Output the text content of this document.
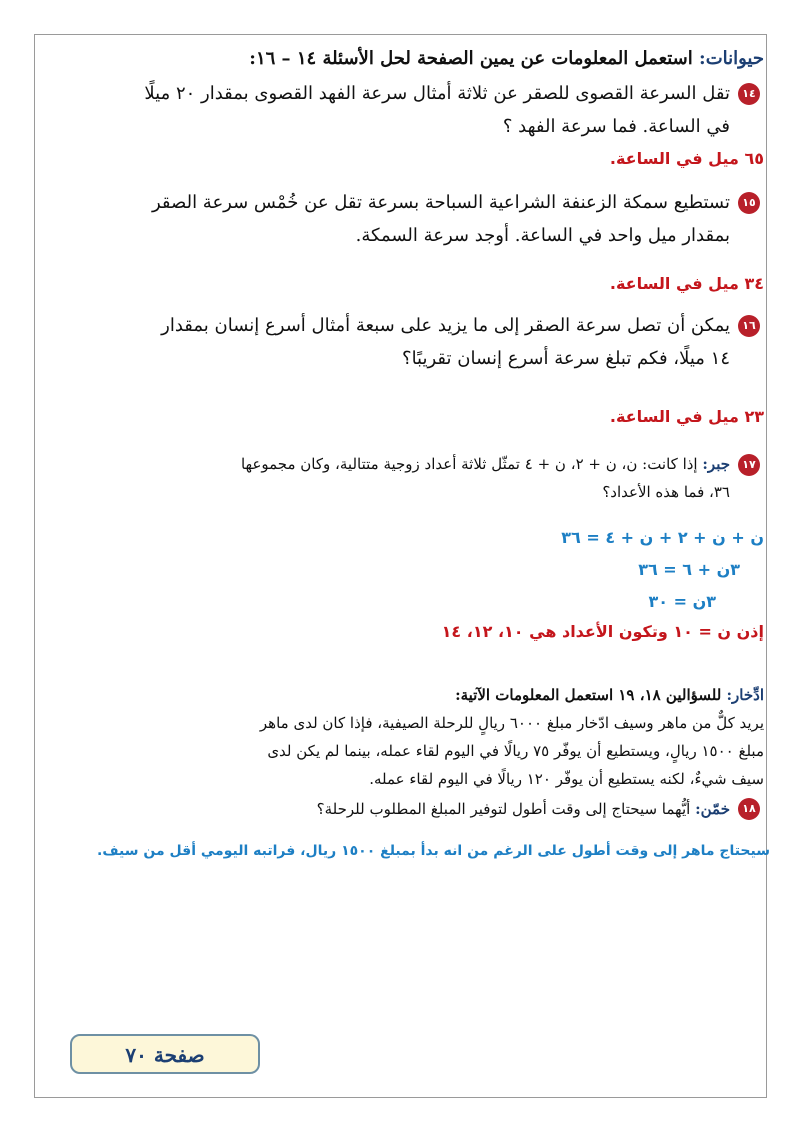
حيوانات: استعمل المعلومات عن يمين الصفحة لحل الأسئلة ١٤ – ١٦:

١٤
تقل السرعة القصوى للصقر عن ثلاثة أمثال سرعة الفهد القصوى بمقدار ٢٠ ميلًا
في الساعة. فما سرعة الفهد ؟

٦٥ ميل في الساعة.

١٥
تستطيع سمكة الزعنفة الشراعية السباحة بسرعة تقل عن خُمْس سرعة الصقر
بمقدار ميل واحد في الساعة. أوجد سرعة السمكة.

٣٤ ميل في الساعة.

١٦
يمكن أن تصل سرعة الصقر إلى ما يزيد على سبعة أمثال أسرع إنسان بمقدار
١٤ ميلًا، فكم تبلغ سرعة أسرع إنسان تقريبًا؟

٢٣ ميل في الساعة.

١٧
جبر: إذا كانت: ن، ن + ٢، ن + ٤ تمثّل ثلاثة أعداد زوجية متتالية، وكان مجموعها
٣٦، فما هذه الأعداد؟

ن + ن + ٢ + ن + ٤ = ٣٦

٣ن + ٦ = ٣٦

٣ن = ٣٠

إذن ن = ١٠ وتكون الأعداد هي ١٠، ١٢، ١٤

ادِّخار: للسؤالين ١٨، ١٩ استعمل المعلومات الآتية:
يريد كلٌّ من ماهر وسيف ادّخار مبلغ ٦٠٠٠ ريالٍ للرحلة الصيفية، فإذا كان لدى ماهر
مبلغ ١٥٠٠ ريالٍ، ويستطيع أن يوفّر ٧٥ ريالًا في اليوم لقاء عمله، بينما لم يكن لدى
سيف شيءٌ، لكنه يستطيع أن يوفّر ١٢٠ ريالًا في اليوم لقاء عمله.
١٨
خمّن: أيُّهما سيحتاج إلى وقت أطول لتوفير المبلغ المطلوب للرحلة؟

سيحتاج ماهر إلى وقت أطول على الرغم من انه بدأ بمبلغ ١٥٠٠ ريال، فراتبه اليومي أقل من سيف.

صفحة ٧٠
